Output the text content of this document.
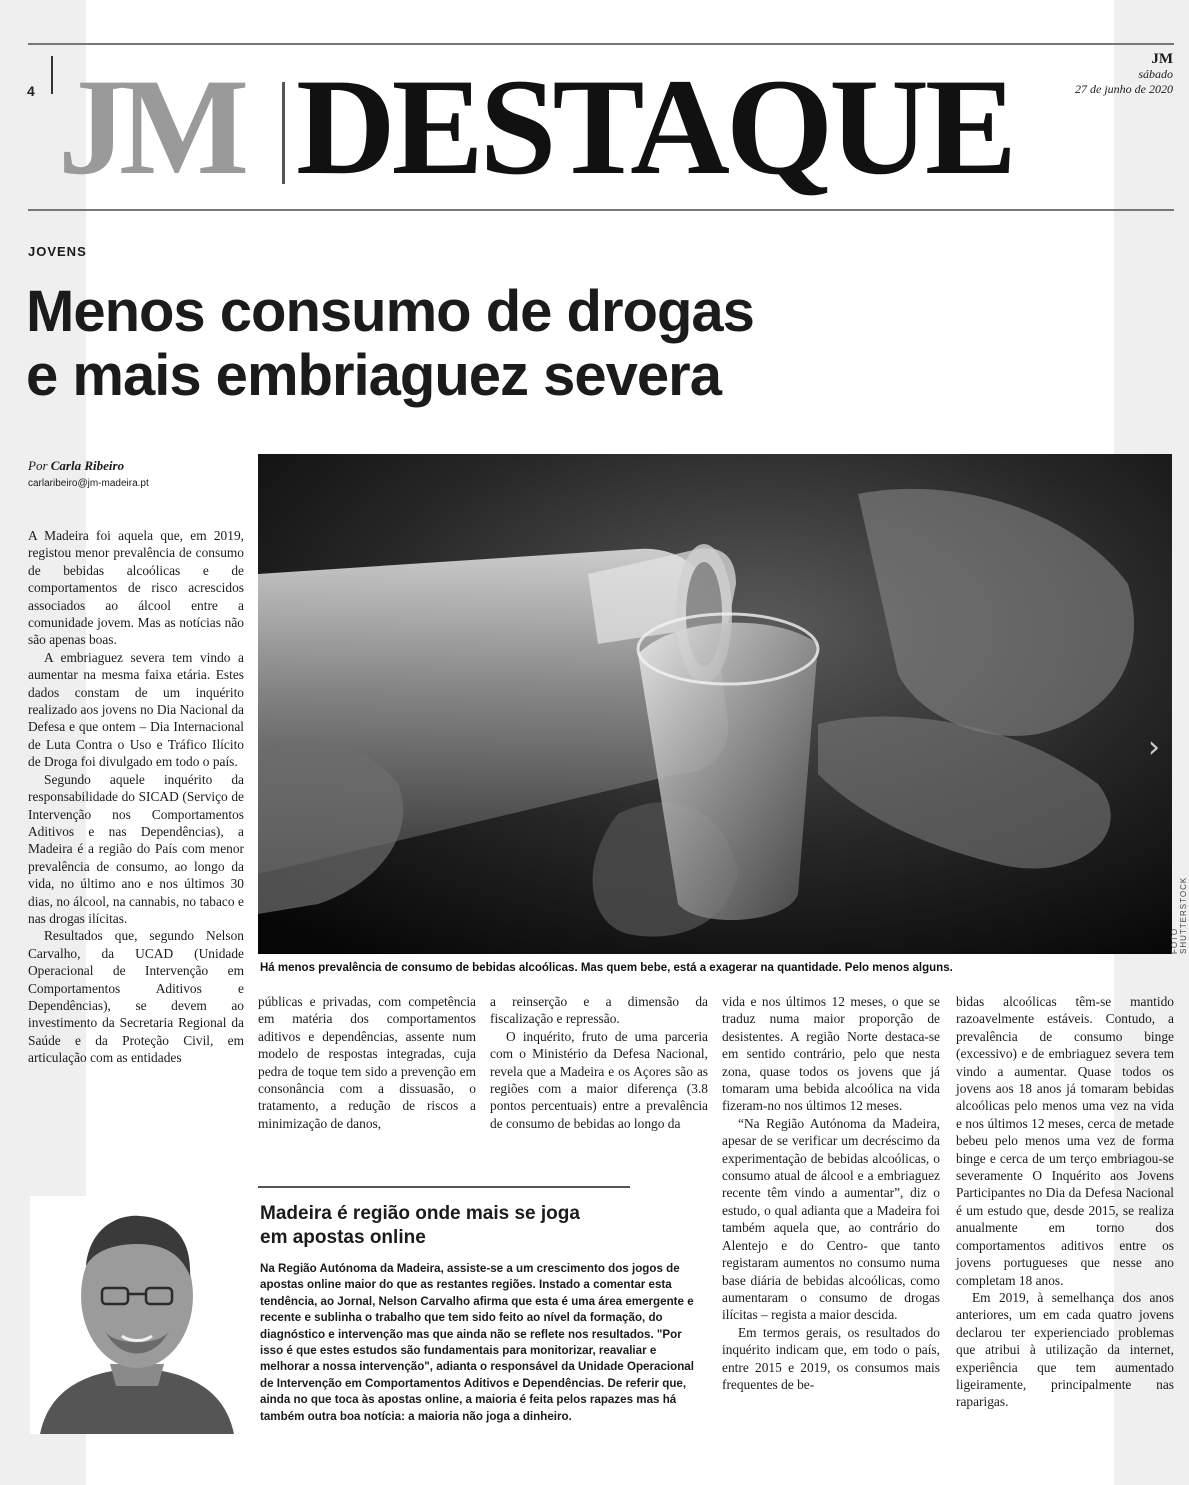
4 JM DESTAQUE	JM
sábado
27 de junho de 2020
JOVENS
Menos consumo de drogas
e mais embriaguez severa
Por Carla Ribeiro
carlaribeiro@jm-madeira.pt
›
FOTO SHUTTERSTOCK
Há menos prevalência de consumo de bebidas alcoólicas. Mas quem bebe, está a exagerar na quantidade. Pelo menos alguns.

A Madeira foi aquela que, em 2019, registou menor prevalência de consumo de bebidas alcoólicas e de comportamentos de risco acrescidos associados ao álcool entre a comunidade jovem. Mas as notícias não são apenas boas.

A embriaguez severa tem vindo a aumentar na mesma faixa etária. Estes dados constam de um inquérito realizado aos jovens no Dia Nacional da Defesa e que ontem – Dia Internacional de Luta Contra o Uso e Tráfico Ilícito de Droga foi divulgado em todo o país.

Segundo aquele inquérito da responsabilidade do SICAD (Serviço de Intervenção nos Comportamentos Aditivos e nas Dependências), a Madeira é a região do País com menor prevalência de consumo, ao longo da vida, no último ano e nos últimos 30 dias, no álcool, na cannabis, no tabaco e nas drogas ilícitas.

Resultados que, segundo Nelson Carvalho, da UCAD (Unidade Operacional de Intervenção em Comportamentos Aditivos e Dependências), se devem ao investimento da Secretaria Regional da Saúde e da Proteção Civil, em articulação com as entidades

públicas e privadas, com competência em matéria dos comportamentos aditivos e dependências, assente num modelo de respostas integradas, cuja pedra de toque tem sido a prevenção em consonância com a dissuasão, o tratamento, a redução de riscos a minimização de danos,

a reinserção e a dimensão da fiscalização e repressão.

O inquérito, fruto de uma parceria com o Ministério da Defesa Nacional, revela que a Madeira e os Açores são as regiões com a maior diferença (3.8 pontos percentuais) entre a prevalência de consumo de bebidas ao longo da

vida e nos últimos 12 meses, o que se traduz numa maior proporção de desistentes. A região Norte destaca-se em sentido contrário, pelo que nesta zona, quase todos os jovens que já tomaram uma bebida alcoólica na vida fizeram-no nos últimos 12 meses.

“Na Região Autónoma da Madeira, apesar de se verificar um decréscimo da experimentação de bebidas alcoólicas, o consumo atual de álcool e a embriaguez recente têm vindo a aumentar”, diz o estudo, o qual adianta que a Madeira foi também aquela que, ao contrário do Alentejo e do Centro- que tanto registaram aumentos no consumo numa base diária de bebidas alcoólicas, como aumentaram o consumo de drogas ilícitas – regista a maior descida.

Em termos gerais, os resultados do inquérito indicam que, em todo o país, entre 2015 e 2019, os consumos mais frequentes de be-

bidas alcoólicas têm-se mantido razoavelmente estáveis. Contudo, a prevalência de consumo binge (excessivo) e de embriaguez severa tem vindo a aumentar. Quase todos os jovens aos 18 anos já tomaram bebidas alcoólicas pelo menos uma vez na vida e nos últimos 12 meses, cerca de metade bebeu pelo menos uma vez de forma binge e cerca de um terço embriagou-se severamente O Inquérito aos Jovens Participantes no Dia da Defesa Nacional é um estudo que, desde 2015, se realiza anualmente em torno dos comportamentos aditivos entre os jovens portugueses que nesse ano completam 18 anos.

Em 2019, à semelhança dos anos anteriores, um em cada quatro jovens declarou ter experienciado problemas que atribui à utilização da internet, experiência que tem aumentado ligeiramente, principalmente nas raparigas.

Madeira é região onde mais se joga
em apostas online

Na Região Autónoma da Madeira, assiste-se a um crescimento dos jogos de apostas online maior do que as restantes regiões. Instado a comentar esta tendência, ao Jornal, Nelson Carvalho afirma que esta é uma área emergente e recente e sublinha o trabalho que tem sido feito ao nível da formação, do diagnóstico e intervenção mas que ainda não se reflete nos resultados. "Por isso é que estes estudos são fundamentais para monitorizar, reavaliar e melhorar a nossa intervenção", adianta o responsável da Unidade Operacional de Intervenção em Comportamentos Aditivos e Dependências. De referir que, ainda no que toca às apostas online, a maioria é feita pelos rapazes mas há também outra boa notícia: a maioria não joga a dinheiro.
